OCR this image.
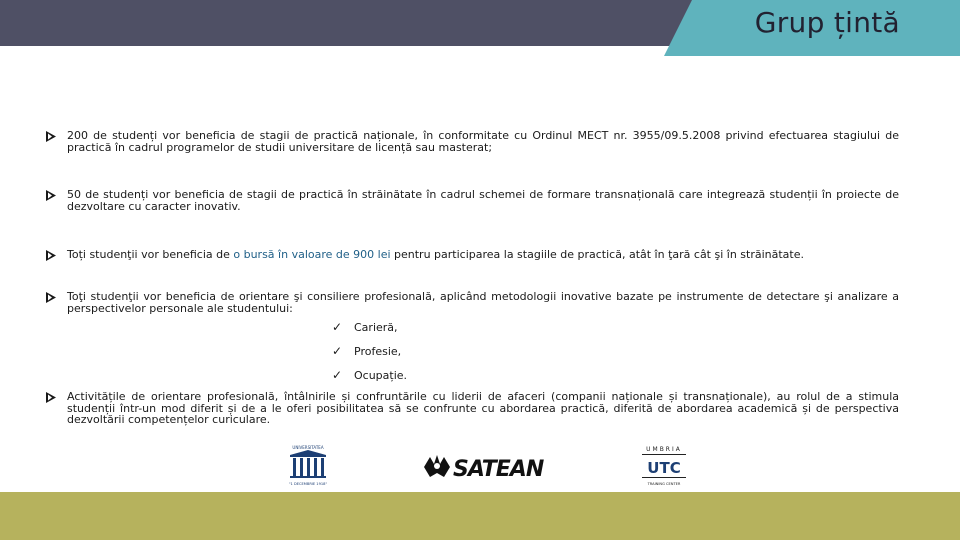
Grup țintă
200 de studenți vor beneficia de stagii de practică naționale, în conformitate cu Ordinul MECT nr. 3955/09.5.2008 privind efectuarea stagiului de practică în cadrul programelor de studii universitare de licență sau masterat;
50 de studenți vor beneficia de stagii de practică în străinătate în cadrul schemei de formare transnațională care integrează studenții în proiecte de dezvoltare cu caracter inovativ.
Toți studenţii vor beneficia de o bursă în valoare de 900 lei pentru participarea la stagiile de practică, atât în ţară cât şi în străinătate.
Toţi studenţii vor beneficia de orientare şi consiliere profesională, aplicând metodologii inovative bazate pe instrumente de detectare şi analizare a perspectivelor personale ale studentului:
✓ Carieră,
✓ Profesie,
✓ Ocupație.
Activitățile de orientare profesională, întâlnirile și confruntările cu liderii de afaceri (companii naționale și transnaționale), au rolul de a stimula studenții într-un mod diferit și de a le oferi posibilitatea să se confrunte cu abordarea practică, diferită de abordarea academică și de perspectiva dezvoltării competențelor curiculare.
UNIVERSITATEA
"1 DECEMBRIE 1918"
SATEAN
UMBRIA
UTC
TRAINING CENTER
